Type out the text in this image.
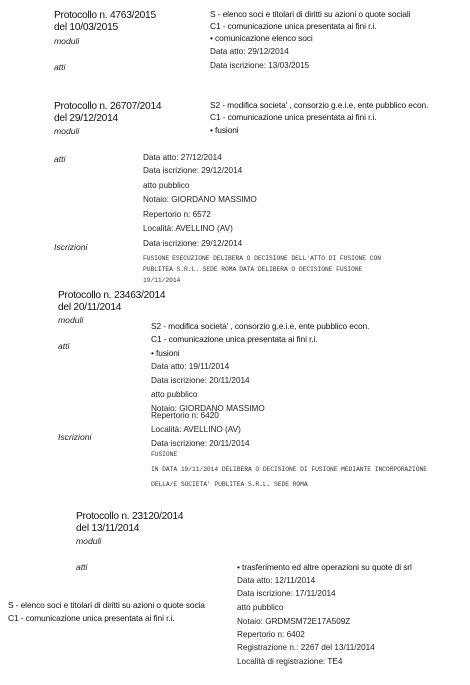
Protocollo n. 4763/2015
del 10/03/2015
moduli
atti
S - elenco soci e titolari di diritti su azioni o quote sociali
C1 - comunicazione unica presentata ai fini r.i.
• comunicazione elenco soci
Data atto: 29/12/2014
Data iscrizione: 13/03/2015
Protocollo n. 26707/2014
del 29/12/2014
moduli
atti
Iscrizioni
S2 - modifica societa' , consorzio g.e.i.e, ente pubblico econ.
C1 - comunicazione unica presentata ai fini r.i.
• fusioni
Data atto: 27/12/2014
Data iscrizione: 29/12/2014
atto pubblico
Notaio: GIORDANO MASSIMO
Repertorio n: 6572
Località: AVELLINO (AV)
Data iscrizione: 29/12/2014
FUSIONE ESECUZIONE DELIBERA O DECISIONE DELL'ATTO DI FUSIONE CON
PUBLITEA S.R.L. SEDE ROMA DATA DELIBERA O DECISIONE FUSIONE
19/11/2014
Protocollo n. 23463/2014
del 20/11/2014
moduli
atti
Iscrizioni
S2 - modifica societa' , consorzio g.e.i.e, ente pubblico econ.
C1 - comunicazione unica presentata ai fini r.i.
• fusioni
Data atto: 19/11/2014
Data iscrizione: 20/11/2014
atto pubblico
Notaio: GIORDANO MASSIMO
Repertorio n: 6420
Località: AVELLINO (AV)
Data iscrizione: 20/11/2014
FUSIONE
IN DATA 19/11/2014 DELIBERA O DECISIONE DI FUSIONE MEDIANTE INCORPORAZIONE
DELLA/E SOCIETA' PUBLITEA S.R.L. SEDE ROMA
Protocollo n. 23120/2014
del 13/11/2014
moduli
atti
S - elenco soci e titolari di diritti su azioni o quote socia
C1 - comunicazione unica presentata ai fini r.i.
• trasferimento ed altre operazioni su quote di srl
Data atto: 12/11/2014
Data iscrizione: 17/11/2014
atto pubblico
Notaio: GRDMSM72E17A509Z
Repertorio n: 6402
Registrazione n.: 2267 del 13/11/2014
Località di registrazione: TE4
